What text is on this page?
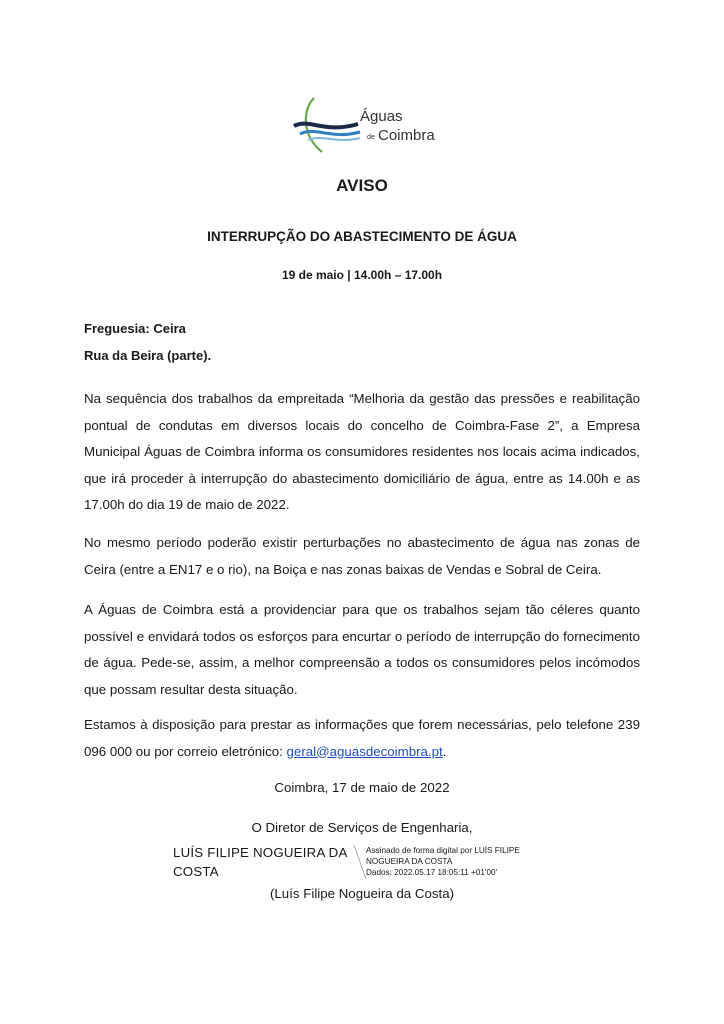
Águas
de Coimbra
AVISO
INTERRUPÇÃO DO ABASTECIMENTO DE ÁGUA
19 de maio | 14.00h – 17.00h
Freguesia: Ceira
Rua da Beira (parte).
Na sequência dos trabalhos da empreitada “Melhoria da gestão das pressões e reabilitação pontual de condutas em diversos locais do concelho de Coimbra-Fase 2”, a Empresa Municipal Águas de Coimbra informa os consumidores residentes nos locais acima indicados, que irá proceder à interrupção do abastecimento domiciliário de água, entre as 14.00h e as 17.00h do dia 19 de maio de 2022.
No mesmo período poderão existir perturbações no abastecimento de água nas zonas de Ceira (entre a EN17 e o rio), na Boiça e nas zonas baixas de Vendas e Sobral de Ceira.
A Águas de Coimbra está a providenciar para que os trabalhos sejam tão céleres quanto possível e envidará todos os esforços para encurtar o período de interrupção do fornecimento de água. Pede-se, assim, a melhor compreensão a todos os consumidores pelos incómodos que possam resultar desta situação.
Estamos à disposição para prestar as informações que forem necessárias, pelo telefone 239 096 000 ou por correio eletrónico: geral@aguasdecoimbra.pt.
Coimbra, 17 de maio de 2022
O Diretor de Serviços de Engenharia,
LUÍS FILIPE NOGUEIRA DA COSTA
Assinado de forma digital por LUÍS FILIPE
NOGUEIRA DA COSTA
Dados: 2022.05.17 18:05:11 +01'00'
(Luís Filipe Nogueira da Costa)
